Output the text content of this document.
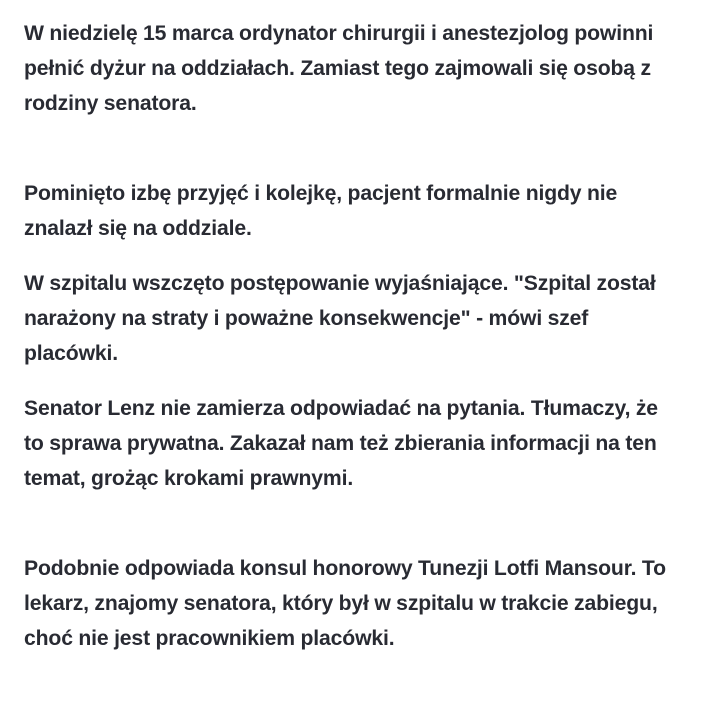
W niedzielę 15 marca ordynator chirurgii i anestezjolog powinni pełnić dyżur na oddziałach. Zamiast tego zajmowali się osobą z rodziny senatora.

Pominięto izbę przyjęć i kolejkę, pacjent formalnie nigdy nie znalazł się na oddziale.

W szpitalu wszczęto postępowanie wyjaśniające. "Szpital został narażony na straty i poważne konsekwencje" - mówi szef placówki.

Senator Lenz nie zamierza odpowiadać na pytania. Tłumaczy, że to sprawa prywatna. Zakazał nam też zbierania informacji na ten temat, grożąc krokami prawnymi.

Podobnie odpowiada konsul honorowy Tunezji Lotfi Mansour. To lekarz, znajomy senatora, który był w szpitalu w trakcie zabiegu, choć nie jest pracownikiem placówki.
